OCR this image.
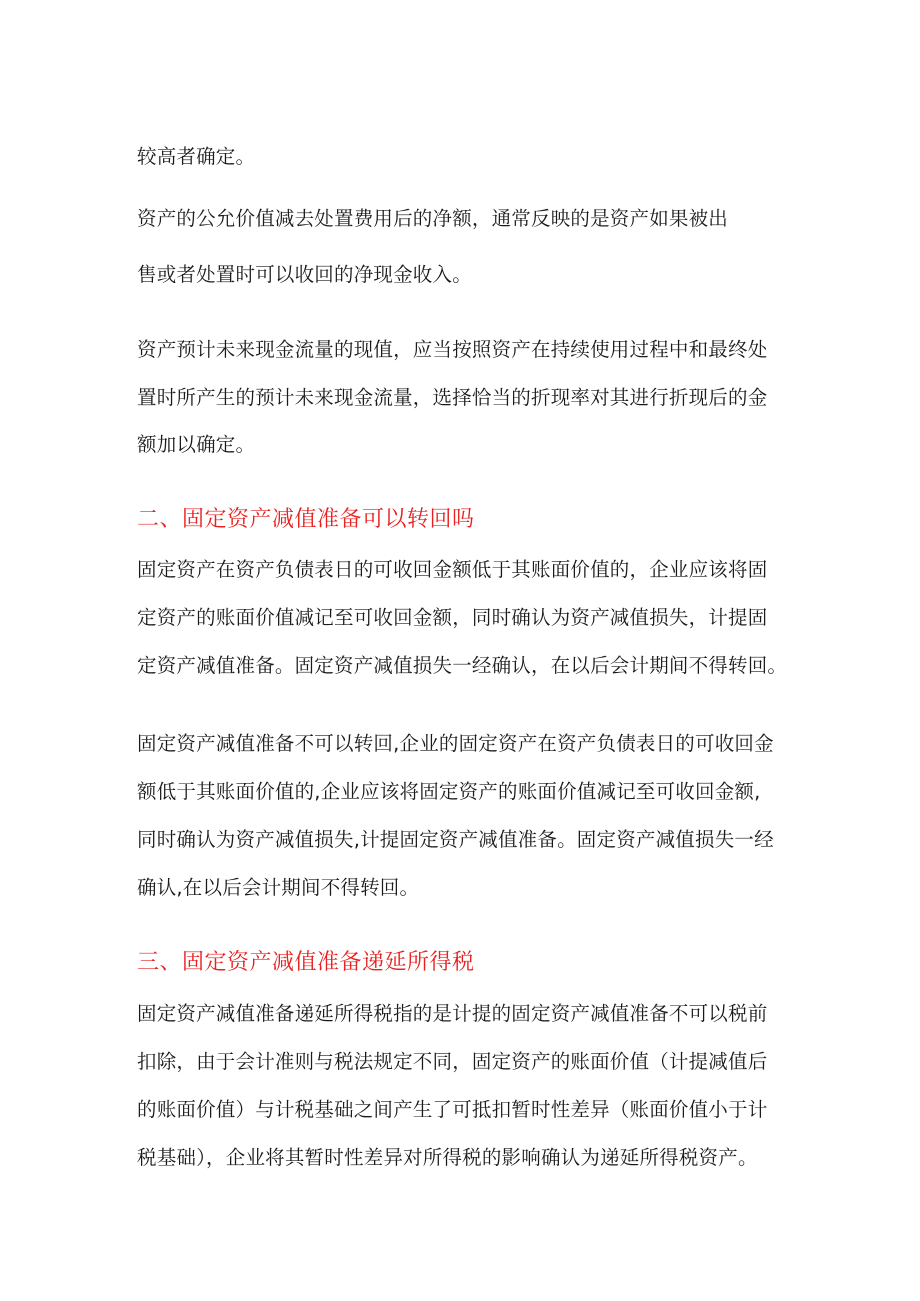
较高者确定。

资产的公允价值减去处置费用后的净额，通常反映的是资产如果被出

售或者处置时可以收回的净现金收入。

资产预计未来现金流量的现值，应当按照资产在持续使用过程中和最终处

置时所产生的预计未来现金流量，选择恰当的折现率对其进行折现后的金

额加以确定。

二、固定资产减值准备可以转回吗

固定资产在资产负债表日的可收回金额低于其账面价值的，企业应该将固

定资产的账面价值减记至可收回金额，同时确认为资产减值损失，计提固

定资产减值准备。固定资产减值损失一经确认，在以后会计期间不得转回。

固定资产减值准备不可以转回,企业的固定资产在资产负债表日的可收回金

额低于其账面价值的,企业应该将固定资产的账面价值减记至可收回金额,

同时确认为资产减值损失,计提固定资产减值准备。固定资产减值损失一经

确认,在以后会计期间不得转回。

三、固定资产减值准备递延所得税

固定资产减值准备递延所得税指的是计提的固定资产减值准备不可以税前

扣除，由于会计准则与税法规定不同，固定资产的账面价值（计提减值后

的账面价值）与计税基础之间产生了可抵扣暂时性差异（账面价值小于计

税基础），企业将其暂时性差异对所得税的影响确认为递延所得税资产。
